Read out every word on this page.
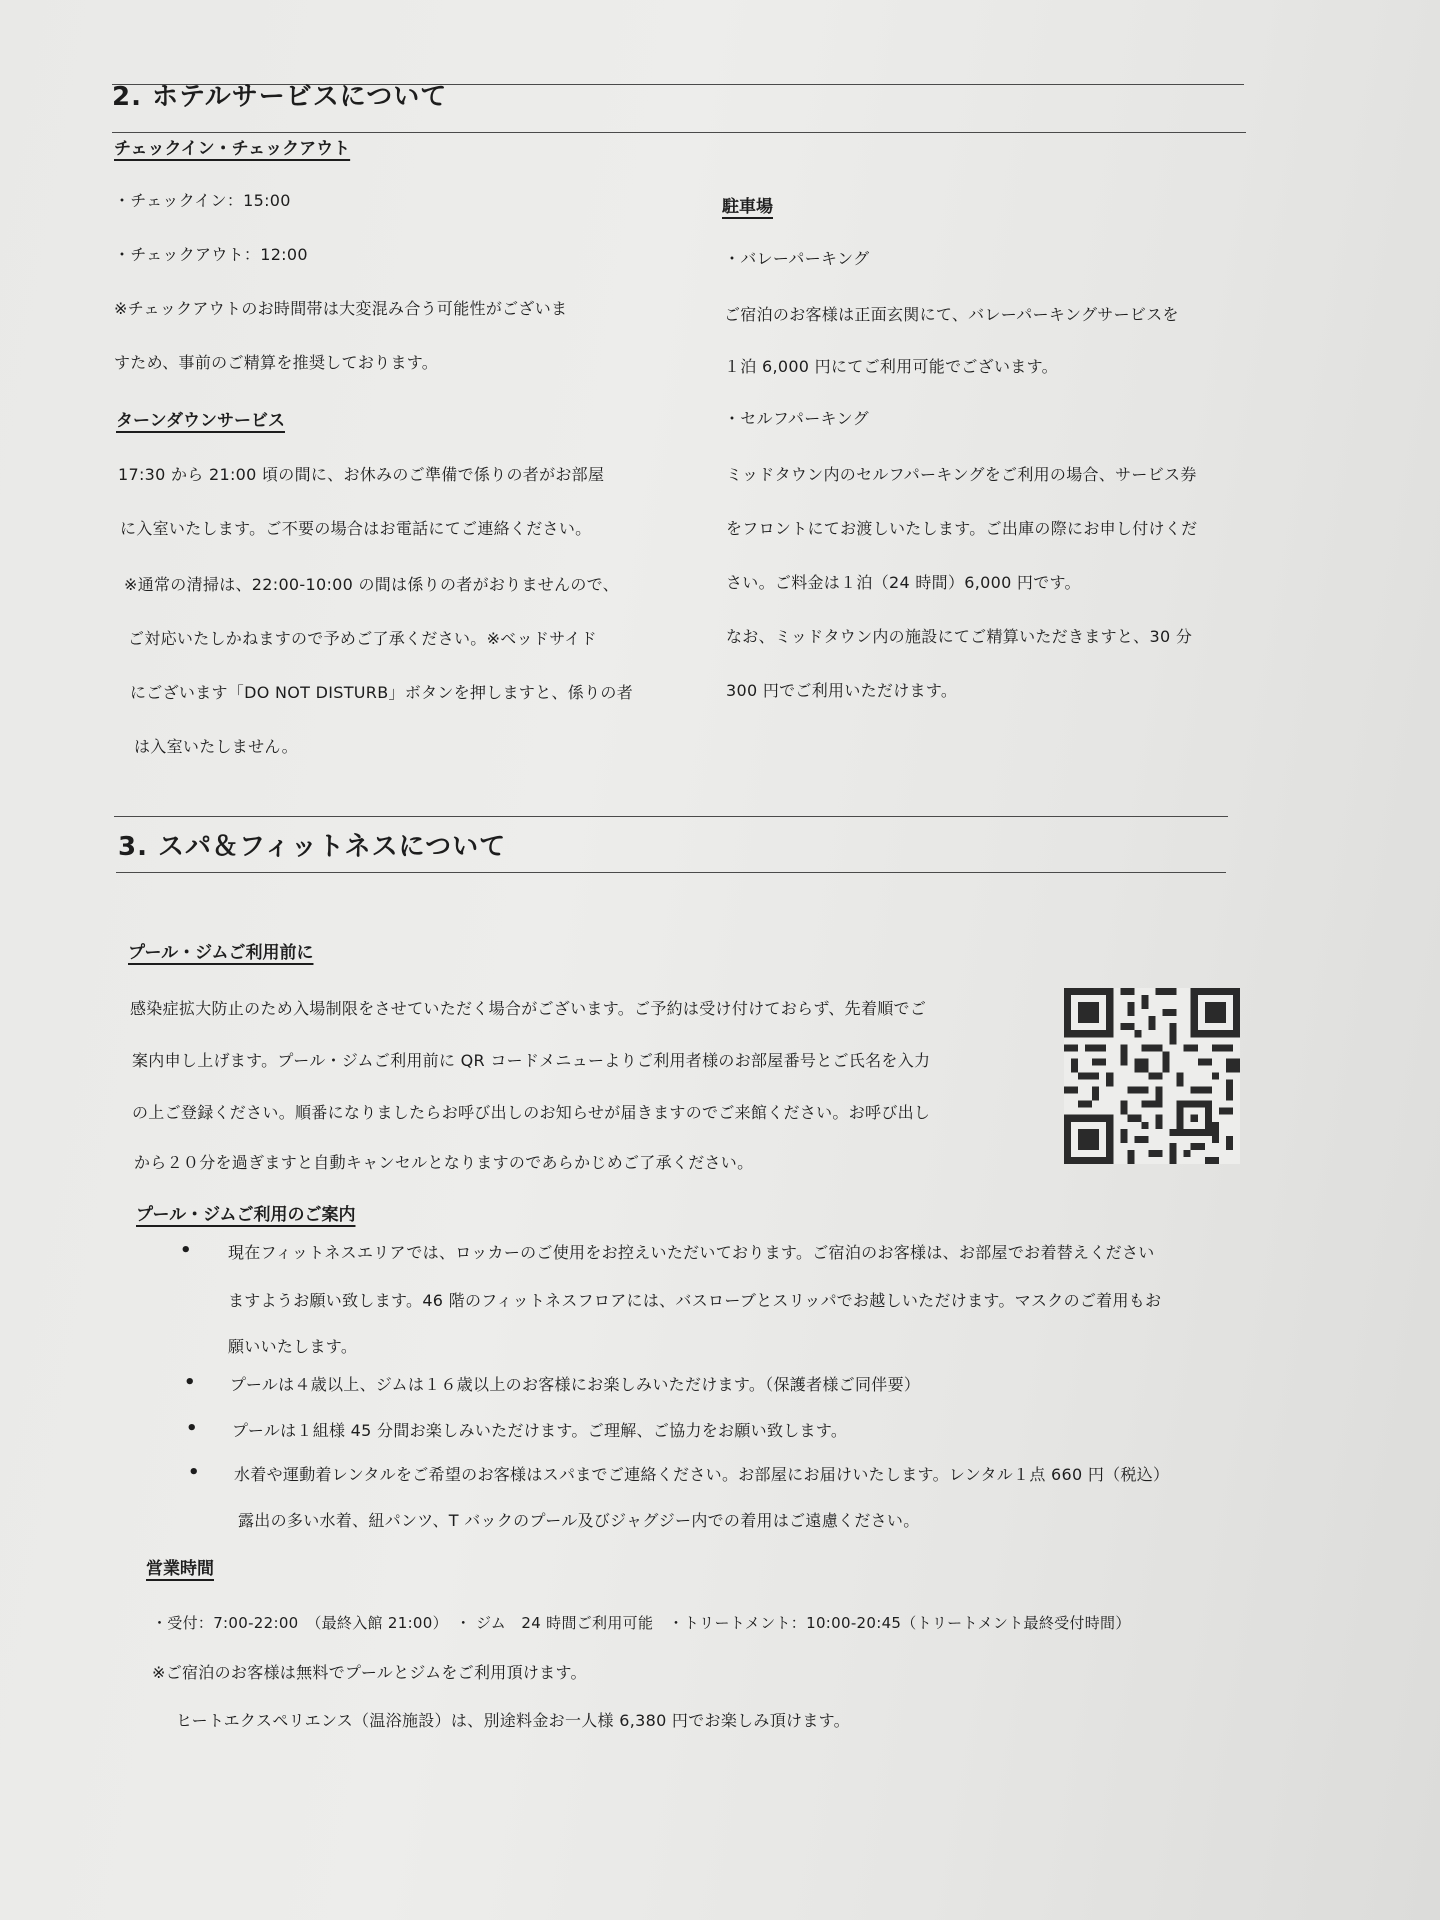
2. ホテルサービスについて
チェックイン・チェックアウト
・チェックイン：15:00
・チェックアウト：12:00
※チェックアウトのお時間帯は大変混み合う可能性がございま
すため、事前のご精算を推奨しております。
ターンダウンサービス
17:30 から 21:00 頃の間に、お休みのご準備で係りの者がお部屋
に入室いたします。ご不要の場合はお電話にてご連絡ください。
※通常の清掃は、22:00-10:00 の間は係りの者がおりませんので、
ご対応いたしかねますので予めご了承ください。※ベッドサイド
にございます「DO NOT DISTURB」ボタンを押しますと、係りの者
は入室いたしません。
駐車場
・バレーパーキング
ご宿泊のお客様は正面玄関にて、バレーパーキングサービスを
１泊 6,000 円にてご利用可能でございます。
・セルフパーキング
ミッドタウン内のセルフパーキングをご利用の場合、サービス券
をフロントにてお渡しいたします。ご出庫の際にお申し付けくだ
さい。ご料金は１泊（24 時間）6,000 円です。
なお、ミッドタウン内の施設にてご精算いただきますと、30 分
300 円でご利用いただけます。
3. スパ＆フィットネスについて
プール・ジムご利用前に
感染症拡大防止のため入場制限をさせていただく場合がございます。ご予約は受け付けておらず、先着順でご
案内申し上げます。プール・ジムご利用前に QR コードメニューよりご利用者様のお部屋番号とご氏名を入力
の上ご登録ください。順番になりましたらお呼び出しのお知らせが届きますのでご来館ください。お呼び出し
から２０分を過ぎますと自動キャンセルとなりますのであらかじめご了承ください。
プール・ジムご利用のご案内
• 現在フィットネスエリアでは、ロッカーのご使用をお控えいただいております。ご宿泊のお客様は、お部屋でお着替えください
ますようお願い致します。46 階のフィットネスフロアには、バスローブとスリッパでお越しいただけます。マスクのご着用もお
願いいたします。
• プールは４歳以上、ジムは１６歳以上のお客様にお楽しみいただけます。（保護者様ご同伴要）
• プールは１組様 45 分間お楽しみいただけます。ご理解、ご協力をお願い致します。
• 水着や運動着レンタルをご希望のお客様はスパまでご連絡ください。お部屋にお届けいたします。レンタル１点 660 円（税込）
露出の多い水着、紐パンツ、T バックのプール及びジャグジー内での着用はご遠慮ください。
営業時間
・受付：7:00-22:00　（最終入館 21:00）　・ ジム　24 時間ご利用可能　・トリートメント：10:00-20:45（トリートメント最終受付時間）
※ご宿泊のお客様は無料でプールとジムをご利用頂けます。
ヒートエクスペリエンス（温浴施設）は、別途料金お一人様 6,380 円でお楽しみ頂けます。
